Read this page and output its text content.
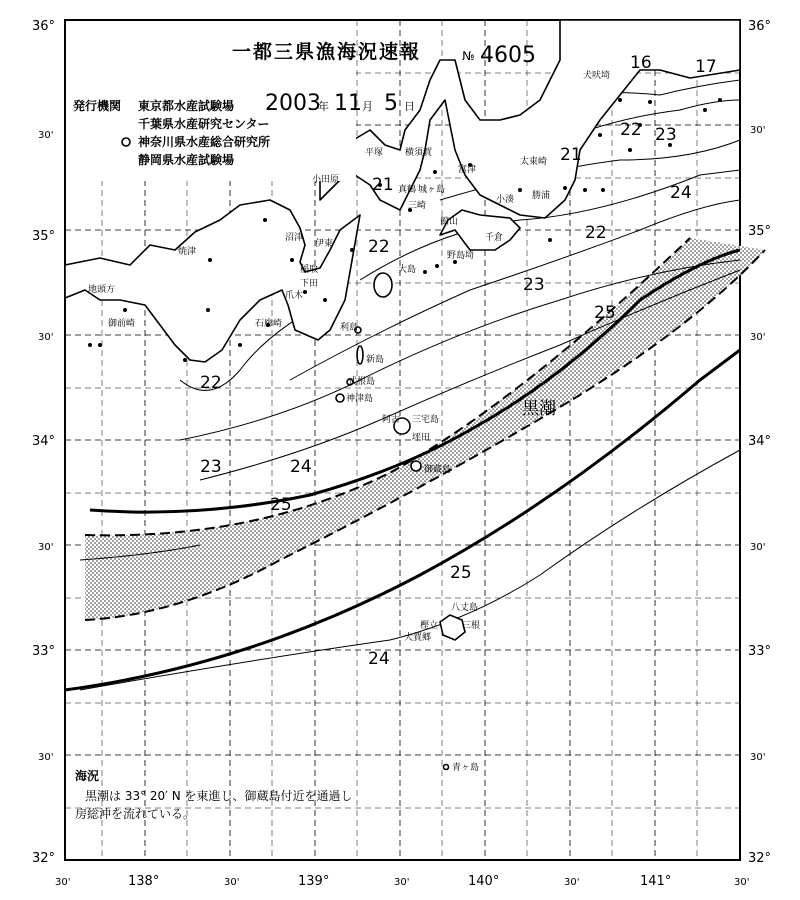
36°
30'
35°
30'
34°
30'
33°
30'
32°
36°
30'
35°
30'
34°
30'
33°
30'
32°
30'	138°	30'	139°	30'	140°	30'	141°	30'
一都三県漁海況速報	№ 4605
2003
年 11 月 5 日
発行機関 東京都水産試験場
千葉県水産研究センター
神奈川県水産総合研究所
静岡県水産試験場
16	17
21
22 23
22
21
22
24
22
23
25
23	24
25
25
24
黒潮
犬吠埼
平塚 横須賀
富津
小田原
太東崎
真鶴 城ヶ島
三崎
館山
小湊 勝浦
焼津
沼津
伊東
千倉
野島埼
稲取	大島
下田
爪木
御前崎
地頭方
石廊崎	利島
新島
式根島
神津島
阿古 三宅島
坪田
御蔵島
八丈島
樫立	三根
大賀郷
青ヶ島
海況
黒潮は 33° 20′ N を東進し、御蔵島付近を通過し
房総沖を流れている。
